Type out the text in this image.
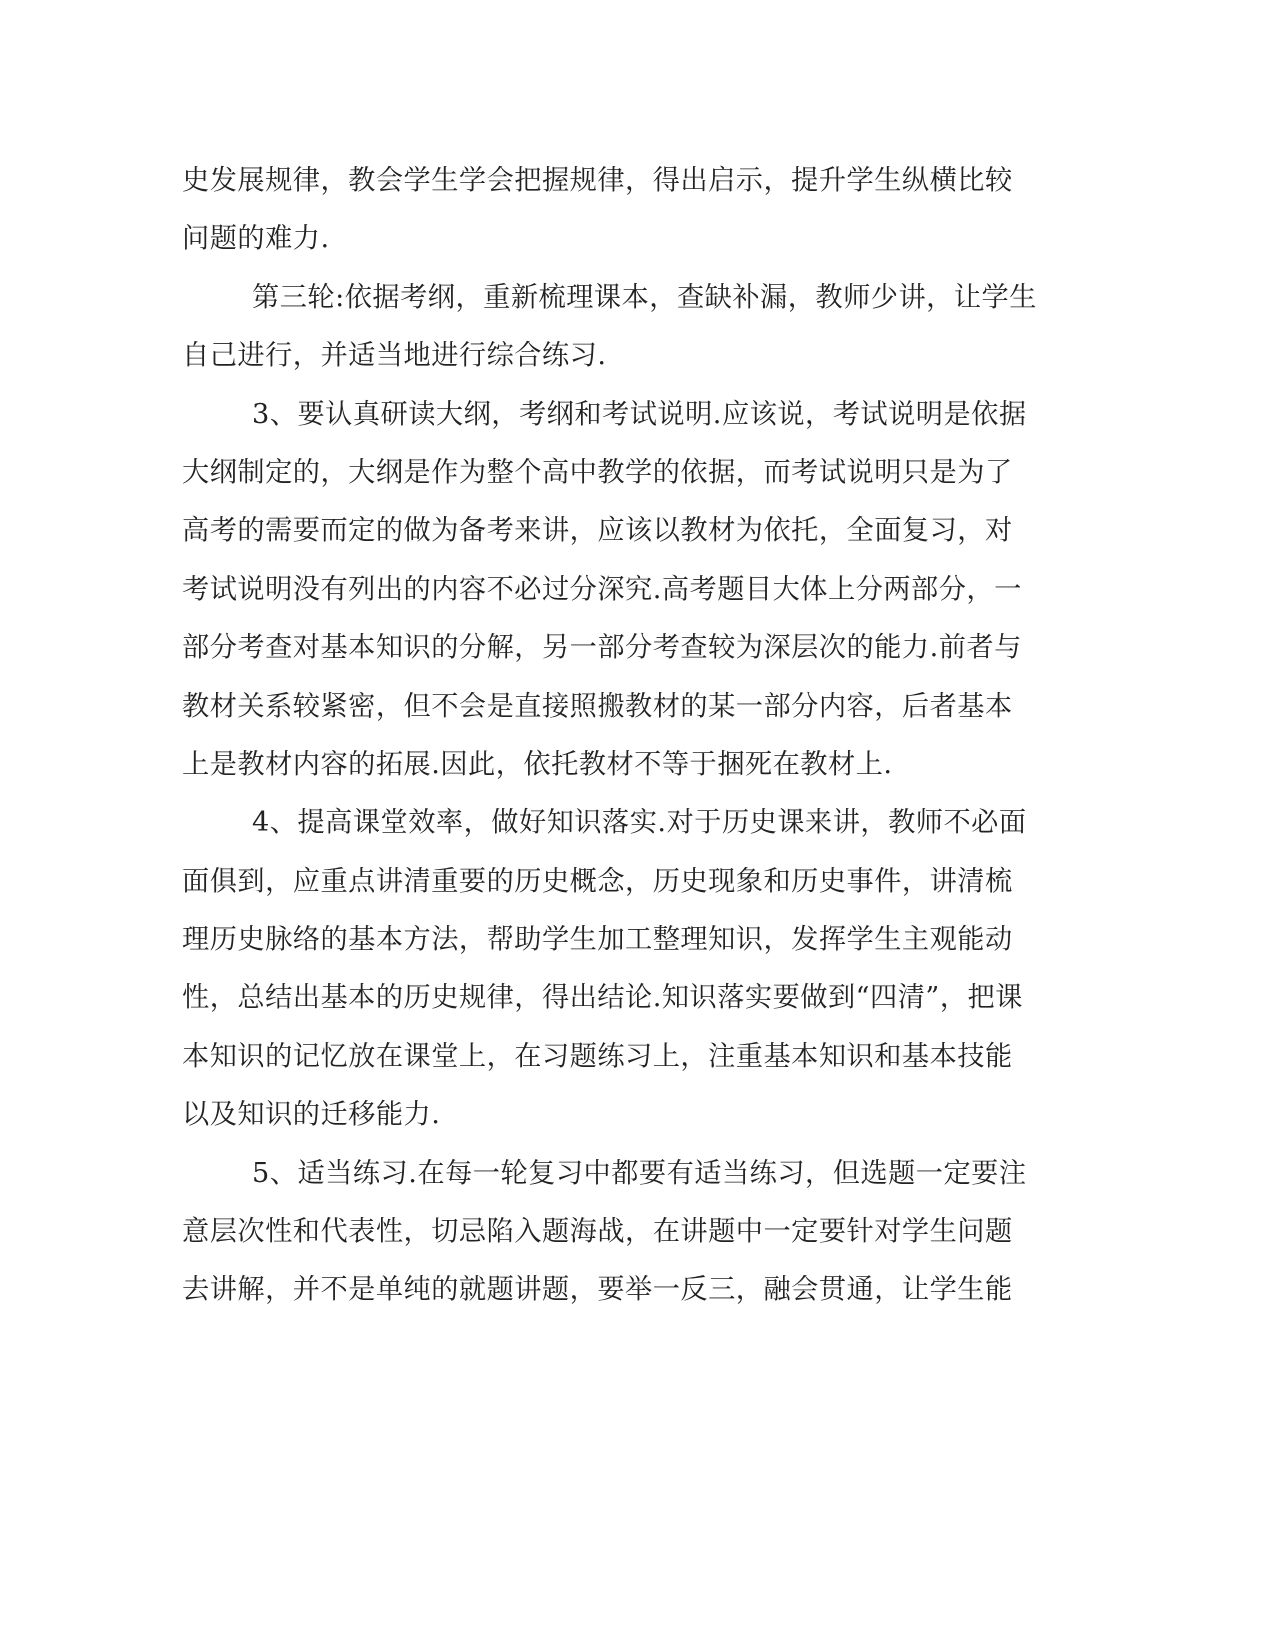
史发展规律，教会学生学会把握规律，得出启示，提升学生纵横比较
问题的难力.
第三轮:依据考纲，重新梳理课本，查缺补漏，教师少讲，让学生
自己进行，并适当地进行综合练习.
3、要认真研读大纲，考纲和考试说明.应该说，考试说明是依据
大纲制定的，大纲是作为整个高中教学的依据，而考试说明只是为了
高考的需要而定的做为备考来讲，应该以教材为依托，全面复习，对
考试说明没有列出的内容不必过分深究.高考题目大体上分两部分，一
部分考查对基本知识的分解，另一部分考查较为深层次的能力.前者与
教材关系较紧密，但不会是直接照搬教材的某一部分内容，后者基本
上是教材内容的拓展.因此，依托教材不等于捆死在教材上.
4、提高课堂效率，做好知识落实.对于历史课来讲，教师不必面
面俱到，应重点讲清重要的历史概念，历史现象和历史事件，讲清梳
理历史脉络的基本方法，帮助学生加工整理知识，发挥学生主观能动
性，总结出基本的历史规律，得出结论.知识落实要做到“四清”，把课
本知识的记忆放在课堂上，在习题练习上，注重基本知识和基本技能
以及知识的迁移能力.
5、适当练习.在每一轮复习中都要有适当练习，但选题一定要注
意层次性和代表性，切忌陷入题海战，在讲题中一定要针对学生问题
去讲解，并不是单纯的就题讲题，要举一反三，融会贯通，让学生能
